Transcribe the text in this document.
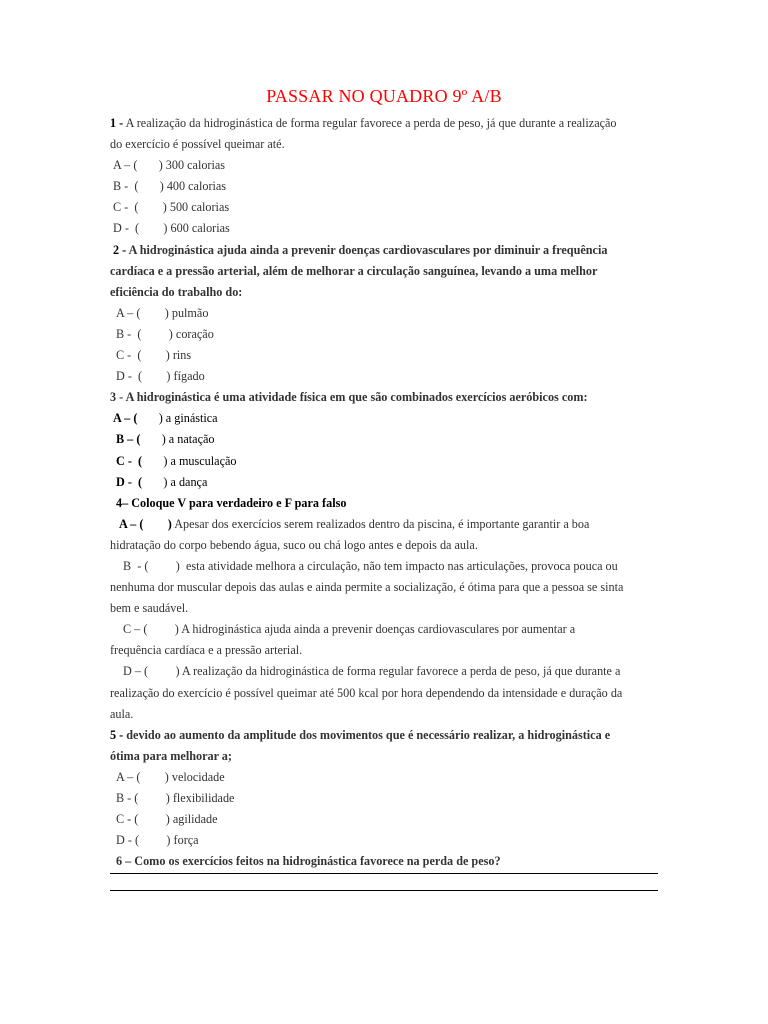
PASSAR NO QUADRO 9º A/B
1 - A realização da hidroginástica de forma regular favorece a perda de peso, já que durante a realização
do exercício é possível queimar até.
A – (       ) 300 calorias
B -  (       ) 400 calorias
C -  (        ) 500 calorias
D -  (        ) 600 calorias
2 - A hidroginástica ajuda ainda a prevenir doenças cardiovasculares por diminuir a frequência
cardíaca e a pressão arterial, além de melhorar a circulação sanguínea, levando a uma melhor
eficiência do trabalho do:
A – (        ) pulmão
B -  (         ) coração
C -  (        ) rins
D -  (        ) fígado
3 - A hidroginástica é uma atividade física em que são combinados exercícios aeróbicos com:
A – (       ) a ginástica
B – (       ) a natação
C -  (       ) a musculação
D -  (       ) a dança
4– Coloque V para verdadeiro e F para falso
A – (        ) Apesar dos exercícios serem realizados dentro da piscina, é importante garantir a boa
hidratação do corpo bebendo água, suco ou chá logo antes e depois da aula.
B  - (         )  esta atividade melhora a circulação, não tem impacto nas articulações, provoca pouca ou
nenhuma dor muscular depois das aulas e ainda permite a socialização, é ótima para que a pessoa se sinta
bem e saudável.
C – (         ) A hidroginástica ajuda ainda a prevenir doenças cardiovasculares por aumentar a
frequência cardíaca e a pressão arterial.
D – (         ) A realização da hidroginástica de forma regular favorece a perda de peso, já que durante a
realização do exercício é possível queimar até 500 kcal por hora dependendo da intensidade e duração da
aula.
5 - devido ao aumento da amplitude dos movimentos que é necessário realizar, a hidroginástica e
ótima para melhorar a;
A – (        ) velocidade
B - (         ) flexibilidade
C - (         ) agilidade
D - (         ) força
6 – Como os exercícios feitos na hidroginástica favorece na perda de peso?
